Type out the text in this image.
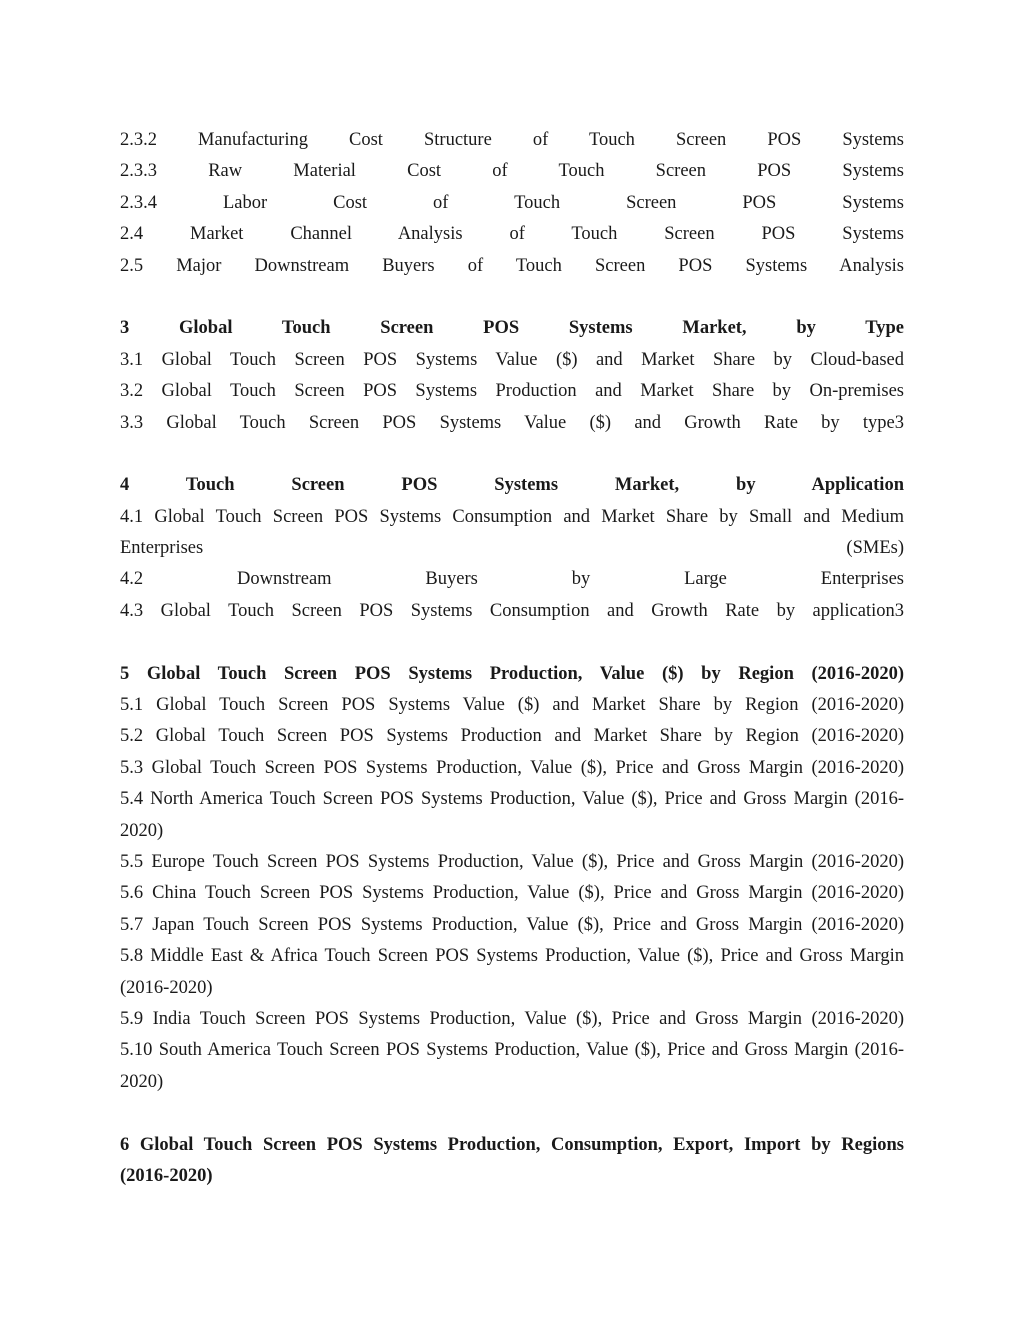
2.3.2 Manufacturing Cost Structure of Touch Screen POS Systems
2.3.3 Raw Material Cost of Touch Screen POS Systems
2.3.4 Labor Cost of Touch Screen POS Systems
2.4 Market Channel Analysis of Touch Screen POS Systems
2.5 Major Downstream Buyers of Touch Screen POS Systems Analysis
3 Global Touch Screen POS Systems Market, by Type
3.1 Global Touch Screen POS Systems Value ($) and Market Share by Cloud-based
3.2 Global Touch Screen POS Systems Production and Market Share by On-premises
3.3 Global Touch Screen POS Systems Value ($) and Growth Rate by type3
4 Touch Screen POS Systems Market, by Application
4.1 Global Touch Screen POS Systems Consumption and Market Share by Small and Medium
Enterprises (SMEs)
4.2 Downstream Buyers by Large Enterprises
4.3 Global Touch Screen POS Systems Consumption and Growth Rate by application3
5 Global Touch Screen POS Systems Production, Value ($) by Region (2016-2020)
5.1 Global Touch Screen POS Systems Value ($) and Market Share by Region (2016-2020)
5.2 Global Touch Screen POS Systems Production and Market Share by Region (2016-2020)
5.3 Global Touch Screen POS Systems Production, Value ($), Price and Gross Margin (2016-2020)
5.4 North America Touch Screen POS Systems Production, Value ($), Price and Gross Margin (2016-
2020)
5.5 Europe Touch Screen POS Systems Production, Value ($), Price and Gross Margin (2016-2020)
5.6 China Touch Screen POS Systems Production, Value ($), Price and Gross Margin (2016-2020)
5.7 Japan Touch Screen POS Systems Production, Value ($), Price and Gross Margin (2016-2020)
5.8 Middle East & Africa Touch Screen POS Systems Production, Value ($), Price and Gross Margin
(2016-2020)
5.9 India Touch Screen POS Systems Production, Value ($), Price and Gross Margin (2016-2020)
5.10 South America Touch Screen POS Systems Production, Value ($), Price and Gross Margin (2016-
2020)
6 Global Touch Screen POS Systems Production, Consumption, Export, Import by Regions
(2016-2020)
